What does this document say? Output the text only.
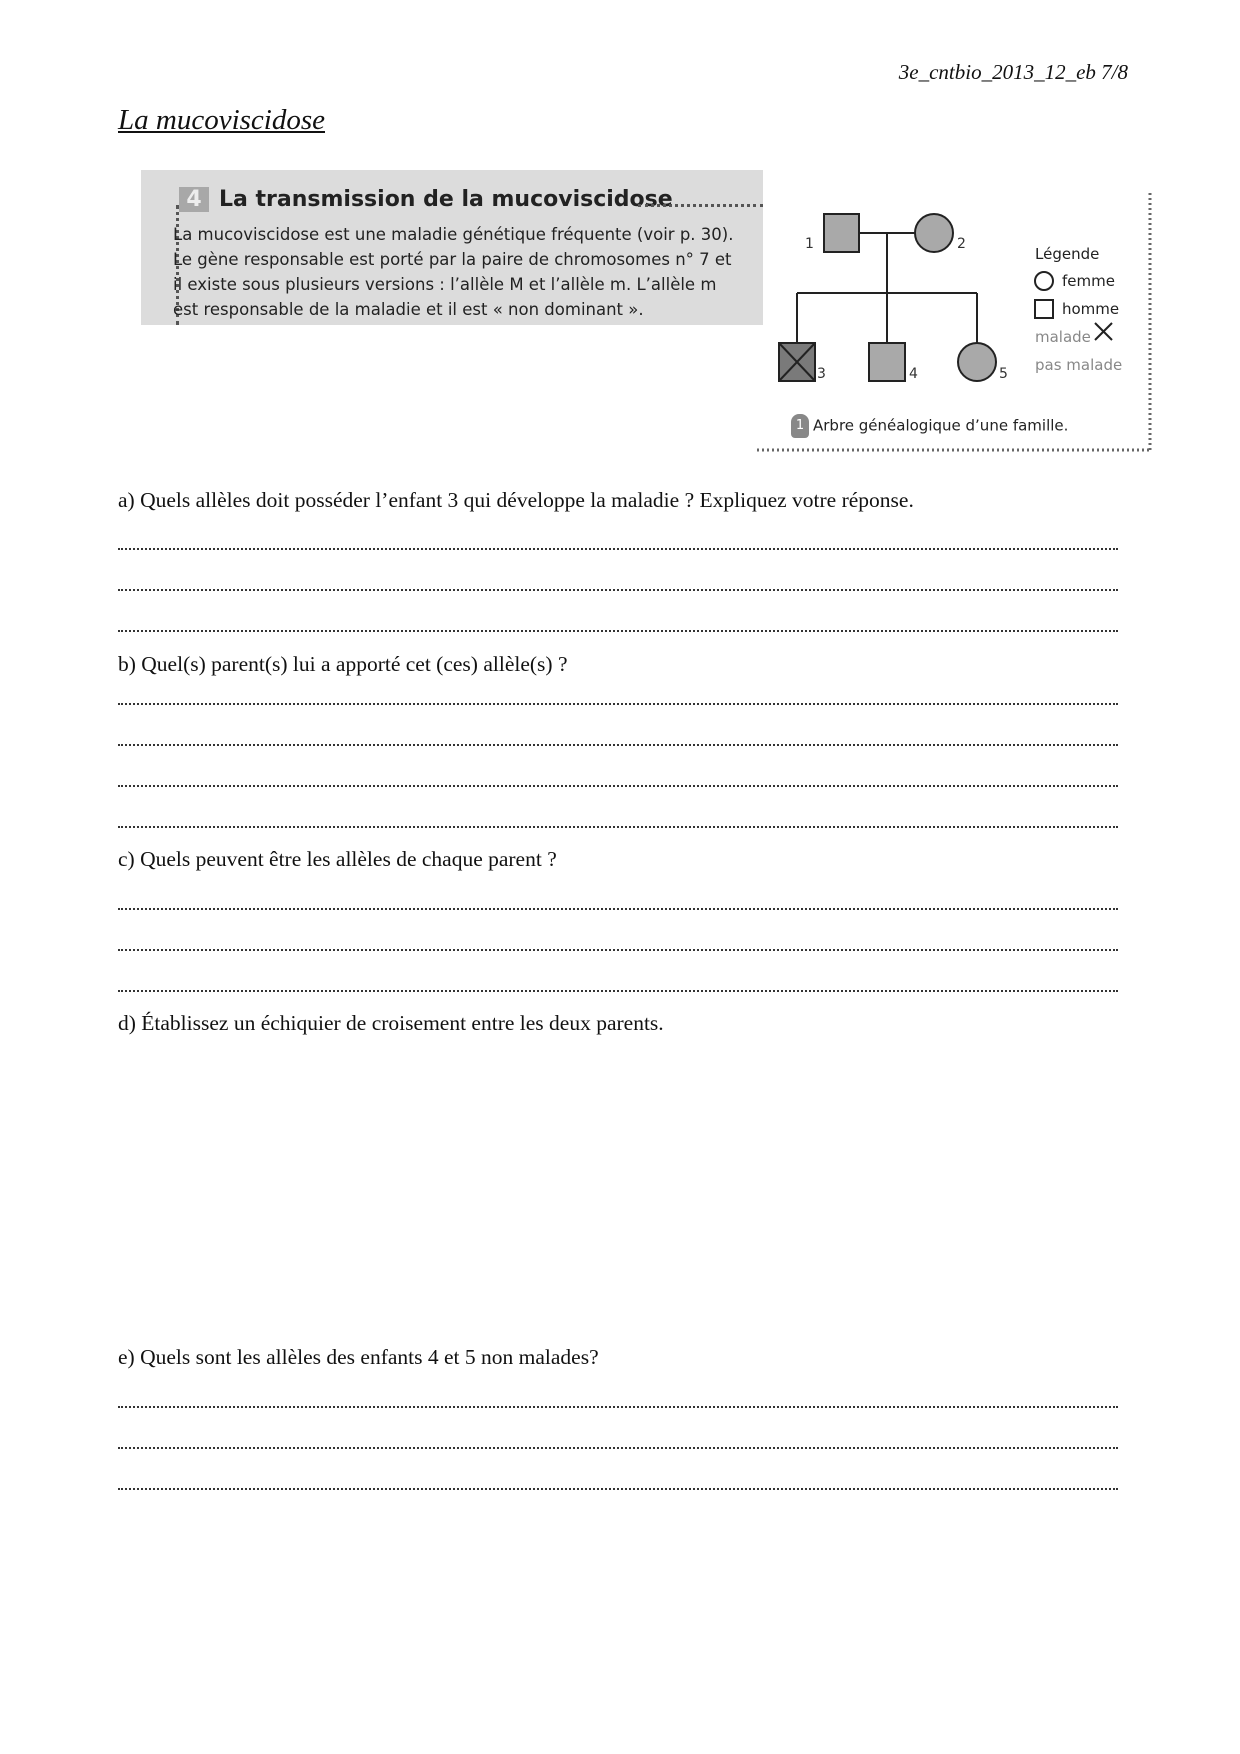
3e_cntbio_2013_12_eb 7/8
La mucoviscidose
4 La transmission de la mucoviscidose

La mucoviscidose est une maladie génétique fréquente (voir p. 30).
Le gène responsable est porté par la paire de chromosomes n° 7 et
il existe sous plusieurs versions : l’allèle M et l’allèle m. L’allèle m
est responsable de la maladie et il est « non dominant ».

1	2
3	4	5
Légende
femme
homme
malade
pas malade
1 Arbre généalogique d’une famille.

a) Quels allèles doit posséder l’enfant 3 qui développe la maladie ? Expliquez votre réponse.

b) Quel(s) parent(s) lui a apporté cet (ces) allèle(s) ?

c) Quels peuvent être les allèles de chaque parent ?

d) Établissez un échiquier de croisement entre les deux parents.

e) Quels sont les allèles des enfants 4 et 5 non malades?
